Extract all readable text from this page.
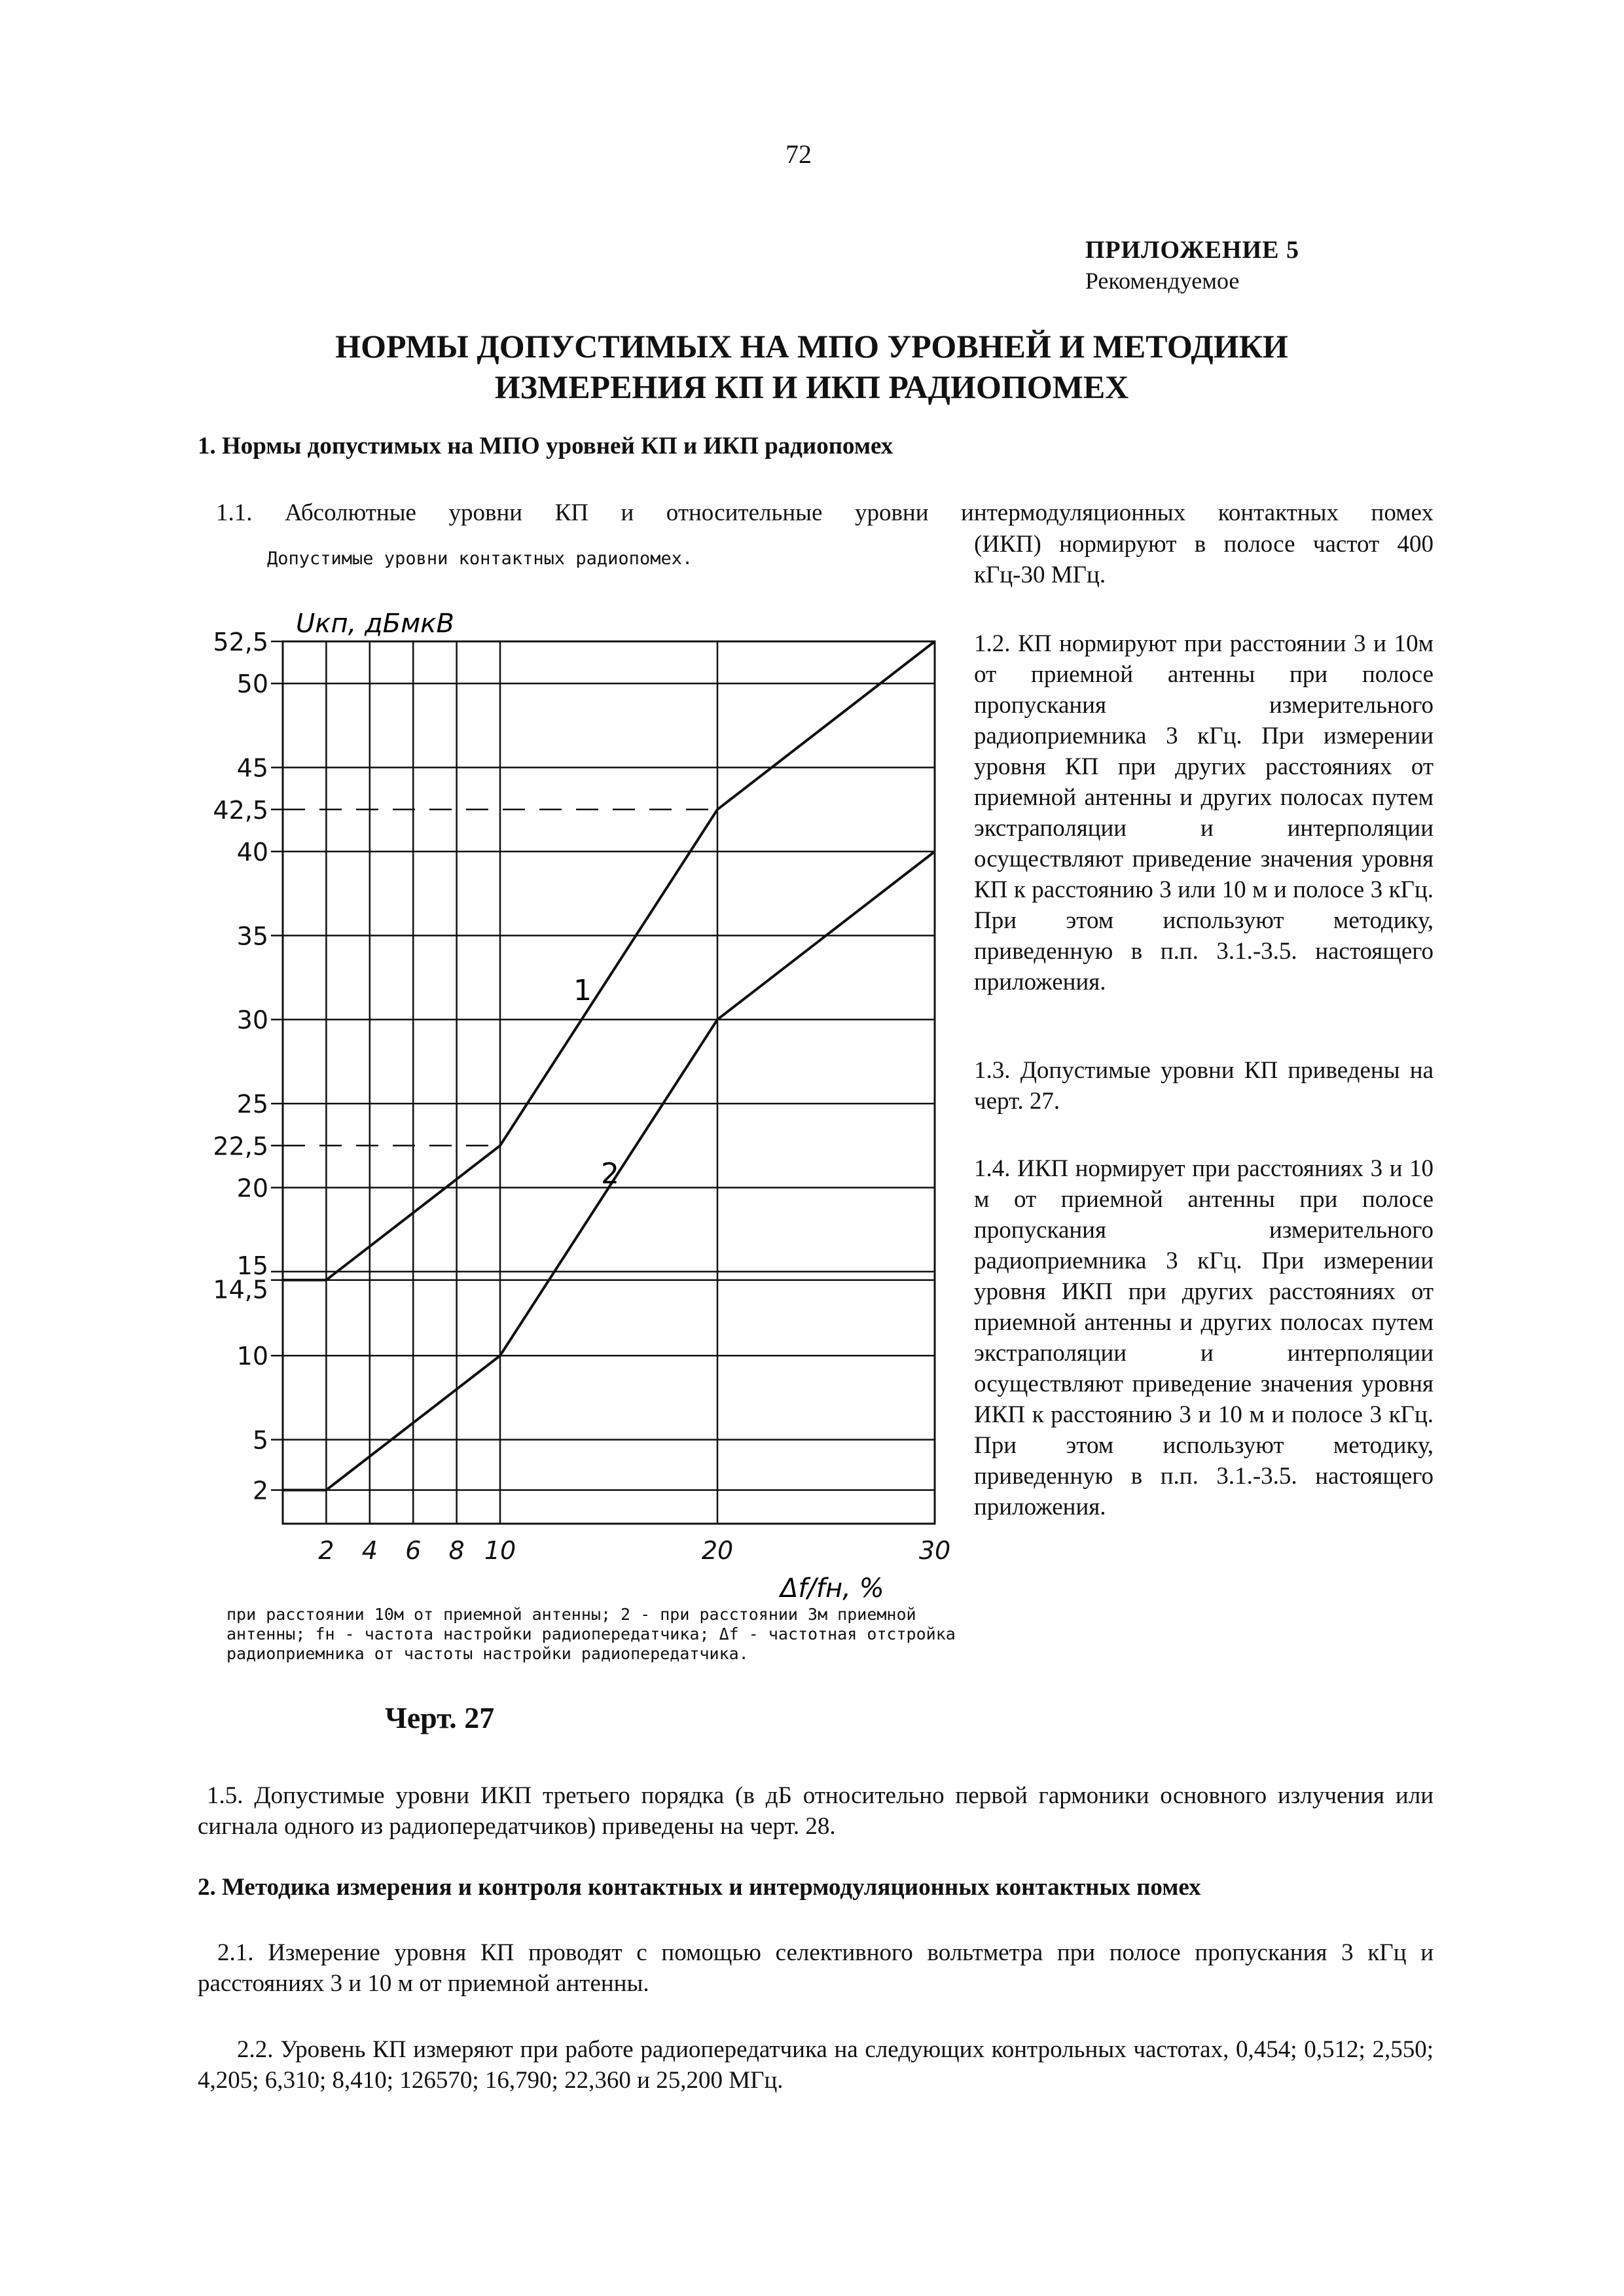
72
ПРИЛОЖЕНИЕ 5
Рекомендуемое
НОРМЫ ДОПУСТИМЫХ НА МПО УРОВНЕЙ И МЕТОДИКИ ИЗМЕРЕНИЯ КП И ИКП РАДИОПОМЕХ
1. Нормы допустимых на МПО уровней КП и ИКП радиопомех
1.1. Абсолютные уровни КП и относительные уровни интермодуляционных контактных помех
Допустимые уровни контактных радиопомех.
2 4 6 8 10	20	30
2
5
10
14,5
15
20
22,5
25
30
35
40
42,5
45
50
52,5
Uкп, дБмкВ
Δf/fн, %
1
2
при расстоянии 10м от приемной антенны; 2 - при расстоянии 3м приемной антенны; fн - частота настройки радиопередатчика; Δf - частотная отстройка радиоприемника от частоты настройки радиопередатчика.
Черт. 27
(ИКП) нормируют в полосе частот 400 кГц-30 МГц.
1.2. КП нормируют при расстоянии 3 и 10м от приемной антенны при полосе пропускания измерительного радиоприемника 3 кГц. При измерении уровня КП при других расстояниях от приемной антенны и других полосах путем экстраполяции и интерполяции осуществляют приведение значения уровня КП к расстоянию 3 или 10 м и полосе 3 кГц. При этом используют методику, приведенную в п.п. 3.1.-3.5. настоящего приложения.
1.3. Допустимые уровни КП приведены на черт. 27.
1.4. ИКП нормирует при расстояниях 3 и 10 м от приемной антенны при полосе пропускания измерительного радиоприемника 3 кГц. При измерении уровня ИКП при других расстояниях от приемной антенны и других полосах путем экстраполяции и интерполяции осуществляют приведение значения уровня ИКП к расстоянию 3 и 10 м и полосе 3 кГц. При этом используют методику, приведенную в п.п. 3.1.-3.5. настоящего приложения.
1.5. Допустимые уровни ИКП третьего порядка (в дБ относительно первой гармоники основного излучения или сигнала одного из радиопередатчиков) приведены на черт. 28.
2. Методика измерения и контроля контактных и интермодуляционных контактных помех
2.1. Измерение уровня КП проводят с помощью селективного вольтметра при полосе пропускания 3 кГц и расстояниях 3 и 10 м от приемной антенны.
2.2. Уровень КП измеряют при работе радиопередатчика на следующих контрольных частотах, 0,454; 0,512; 2,550; 4,205; 6,310; 8,410; 126570; 16,790; 22,360 и 25,200 МГц.
